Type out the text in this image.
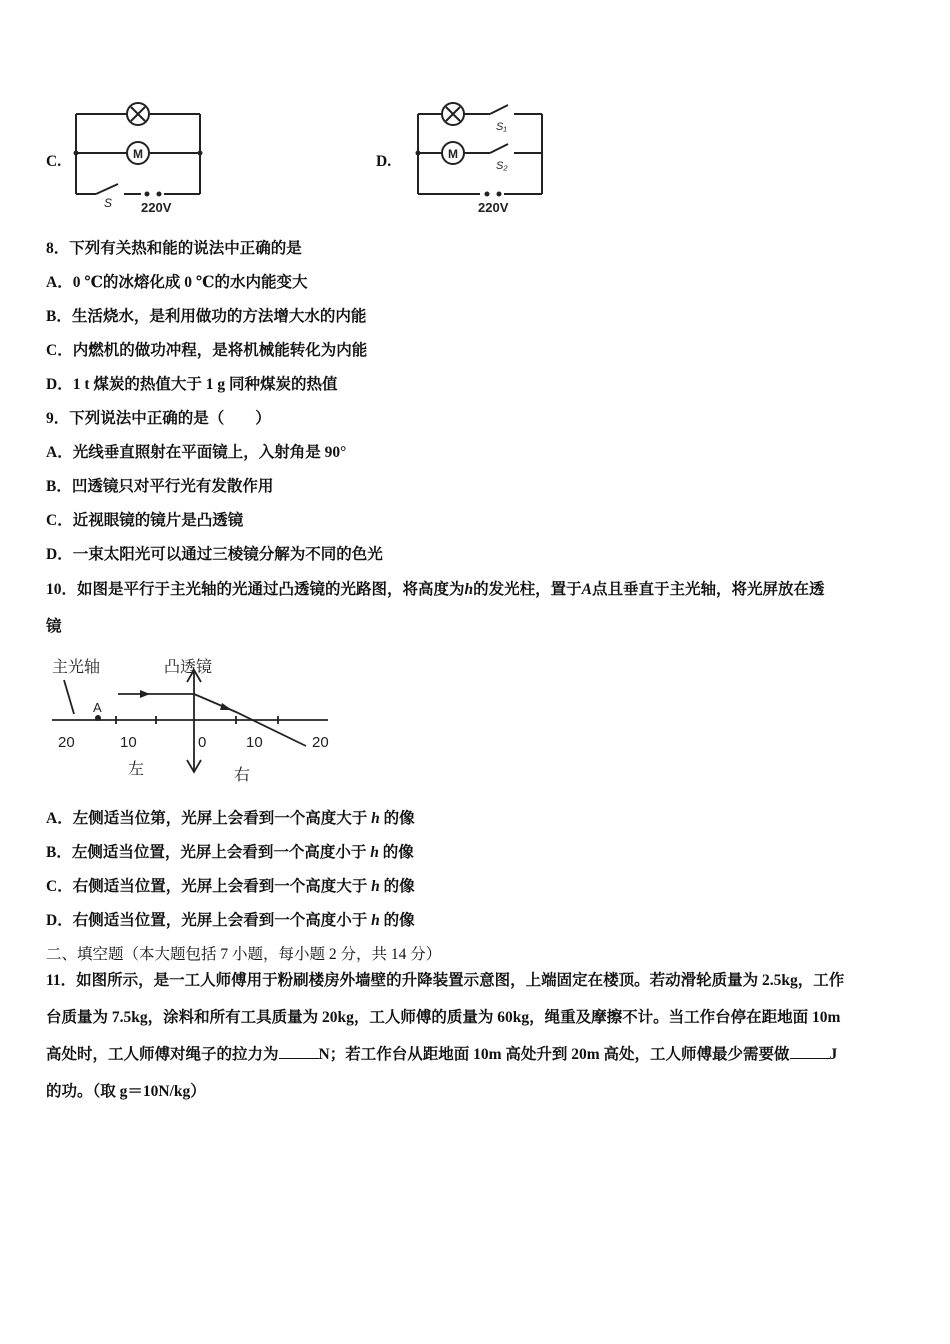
C.	M
S 220V
D.	M
S₁
S₂
220V
8．下列有关热和能的说法中正确的是
A．0 ℃的冰熔化成 0 ℃的水内能变大
B．生活烧水，是利用做功的方法增大水的内能
C．内燃机的做功冲程，是将机械能转化为内能
D．1 t 煤炭的热值大于 1 g 同种煤炭的热值
9．下列说法中正确的是（　　）
A．光线垂直照射在平面镜上，入射角是 90°
B．凹透镜只对平行光有发散作用
C．近视眼镜的镜片是凸透镜
D．一束太阳光可以通过三棱镜分解为不同的色光
10．如图是平行于主光轴的光通过凸透镜的光路图，将高度为h的发光柱，置于A点且垂直于主光轴，将光屏放在透
镜
主光轴	凸透镜
A
20	10	0	10	20
左	右
A．左侧适当位第，光屏上会看到一个高度大于 h 的像
B．左侧适当位置，光屏上会看到一个高度小于 h 的像
C．右侧适当位置，光屏上会看到一个高度大于 h 的像
D．右侧适当位置，光屏上会看到一个高度小于 h 的像
二、填空题（本大题包括 7 小题，每小题 2 分，共 14 分）
11．如图所示，是一工人师傅用于粉刷楼房外墙壁的升降装置示意图，上端固定在楼顶。若动滑轮质量为 2.5kg，工作
台质量为 7.5kg，涂料和所有工具质量为 20kg，工人师傅的质量为 60kg，绳重及摩擦不计。当工作台停在距地面 10m
高处时，工人师傅对绳子的拉力为	N；若工作台从距地面 10m 高处升到 20m 高处，工人师傅最少需要做	J
的功。（取 g＝10N/kg）
